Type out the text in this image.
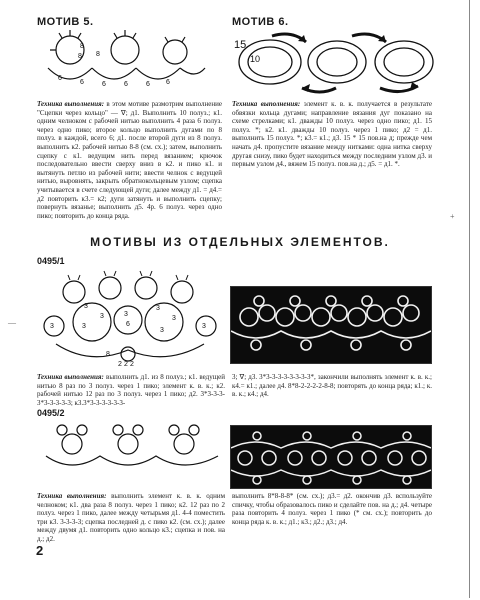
МОТИВ 5.
8
8 8
6
6	6	6	6 6
Техника выполнения: в этом мотиве размотрим выполнение "Сцепки через кольцо" — ∇; д1. Выполнить 10 полуз.; к1. одним челноком с рабочей нитью выполнить 4 раза 6 полуз. через одно пико; второе кольцо выполнить дугами по 8 полуз. в каждой, всего 6; д1. после второй дуги из 8 полуз. выполнить к2. рабочей нитью 8-8 (см. сх.); затем, выполнить сцепку с к1. ведущим нить перед вязанием; крючок последовательно ввести сверху вниз в к2. и пико к1. и вытянуть петлю из рабочей нити; ввести челнок с ведущей нитью, выровнять, закрыть обратнокольцевым узлом; сцепка учитывается в счете следующей дуги; далее между д1. = д4.= д2 повторить к3.= к2; дуги затянуть и выполнить сцепку; повернуть вязанье; выполнить д5. 4р. 6 полуз. через одно пико; повторить до конца ряда.
МОТИВ 6.
15
10
Техника выполнения: элемент к. в. к. получается в результате обвязки кольца дугами; направление вязания дуг показано на схеме стрелками; к1. дважды 10 полуз. через одно пико; д1. 15 полуз. *; к2. к1. дважды 10 полуз. через 1 пико; д2 = д1. выполнить 15 полуз. *; к3.= к1.; д3. 15 * 15 пов.на д; прежде чем начать д4. пропустите вязание между нитками: одна нитка сверху другая снизу, пико будет находиться между последним узлом д3. и первым узлом д4., вяжем 15 полуз. пов.на д.; д5. = д1. *.
МОТИВЫ ИЗ ОТДЕЛЬНЫХ ЭЛЕМЕНТОВ.
0495/1
3
3
3
3
3
3
3
6
3	3
2 2 2
8
Техника выполнения: выполнить д1. из 8 полуз.; к1. ведущей нитью 8 раз по 3 полуз. через 1 пико; элемент к. в. к.; к2. рабочей нитью 12 раз по 3 полуз. через 1 пико; д2. 3*3-3-3-3*3-3-3-3-3; к3.3*3-3-3-3-3-3-
3; ∇; д3. 3*3-3-3-3-3-3-3-3*, закончили выполнять элемент к. в. к.; к4.= к1.; далее д4. 8*8-2-2-2-2-8-8; повторять до конца ряда; к1.; к. в. к.; к4.; д4.
0495/2
Техника выполнения: выполнить элемент к. в. к. одним челноком; к1. два раза 8 полуз. через 1 пико; к2. 12 раз по 2 полуз. через 1 пико, далее между четырьмя д1. 4-4 поместить три к3. 3-3-3-3; сцепка последней д. с пико к2. (см. сх.); далее между двумя д1. повторить одно кольцо к3.; сцепка и пов. на д.; д2.
выполнить 8*8-8-8* (см. сх.); д3.= д2. окончив д3. вспользуйте спичку, чтобы образовалось пико и сделайте пов. на д.; д4. четыре раза повторить 4 полуз. через 1 пико (* см. сх.); повторить до конца ряда к. в. к.; д1.; к3.; д2.; д3.; д4.
—
+
2
